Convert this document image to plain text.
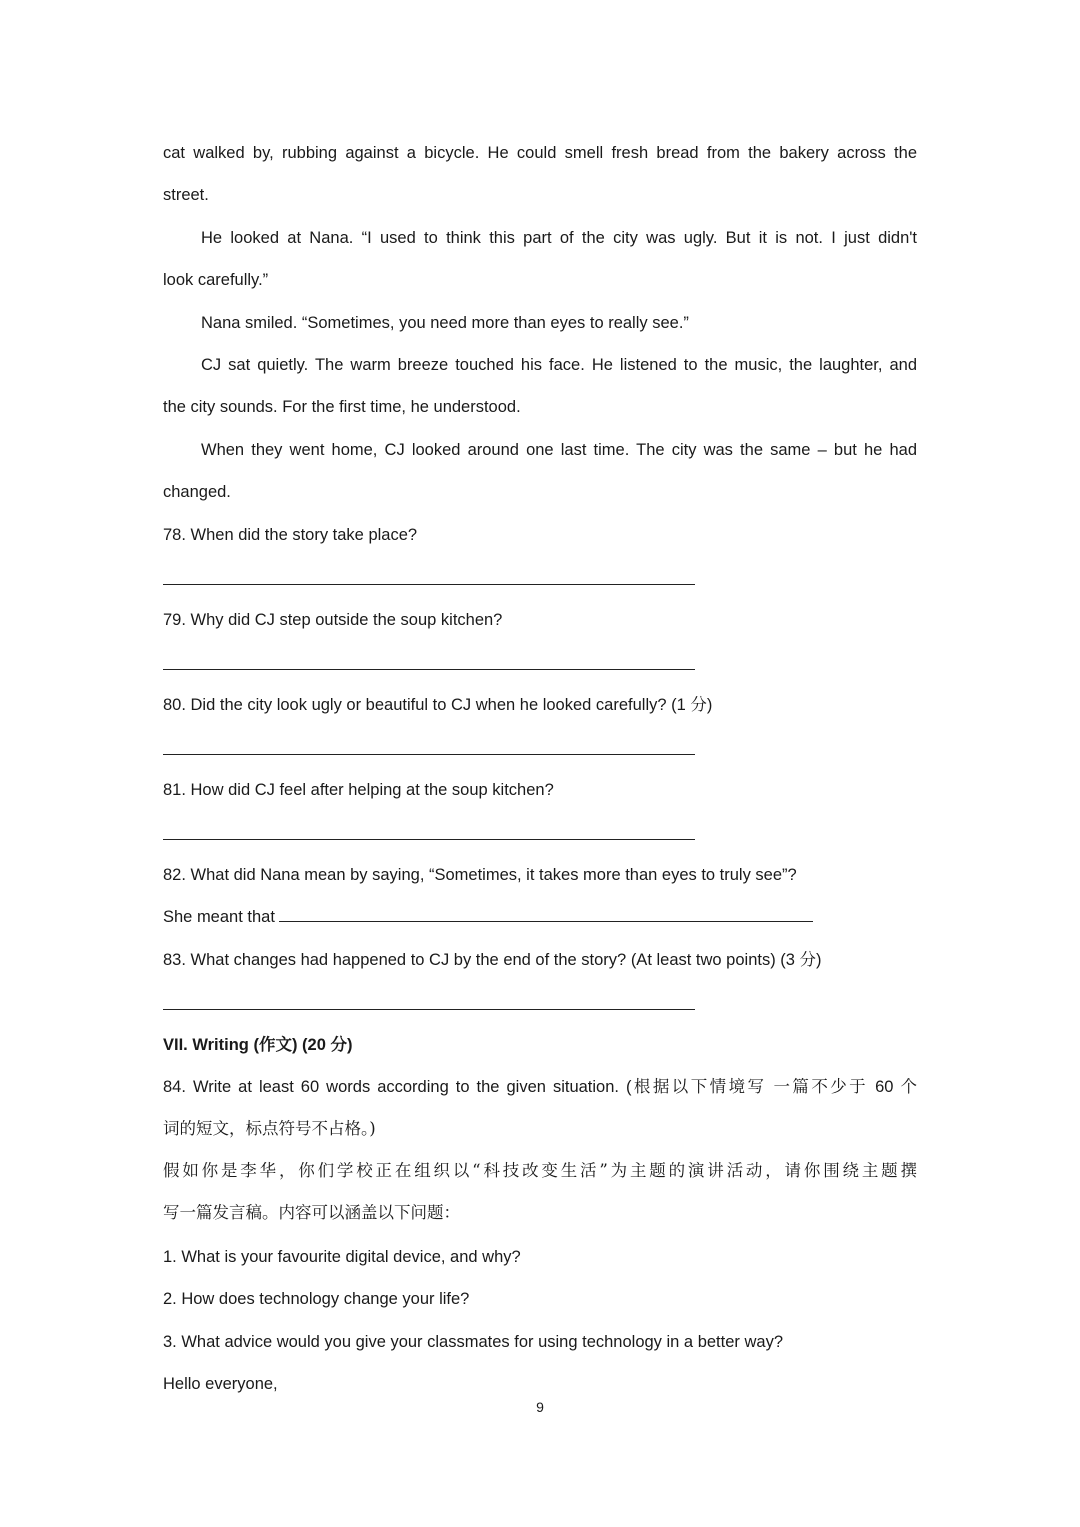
cat walked by, rubbing against a bicycle. He could smell fresh bread from the bakery across the
street.
He looked at Nana. “I used to think this part of the city was ugly. But it is not. I just didn't
look carefully.”
Nana smiled. “Sometimes, you need more than eyes to really see.”
CJ sat quietly. The warm breeze touched his face. He listened to the music, the laughter, and
the city sounds. For the first time, he understood.
When they went home, CJ looked around one last time. The city was the same – but he had
changed.
78. When did the story take place?
79. Why did CJ step outside the soup kitchen?
80. Did the city look ugly or beautiful to CJ when he looked carefully? (1 分)
81. How did CJ feel after helping at the soup kitchen?
82. What did Nana mean by saying, “Sometimes, it takes more than eyes to truly see”?
She meant that
83. What changes had happened to CJ by the end of the story? (At least two points) (3 分)
VII. Writing (作文) (20 分)
84. Write at least 60 words according to the given situation. (根据以下情境写 一篇不少于 60 个
词的短文，标点符号不占格。)
假如你是李华，你们学校正在组织以“科技改变生活”为主题的演讲活动，请你围绕主题撰
写一篇发言稿。内容可以涵盖以下问题：
1. What is your favourite digital device, and why?
2. How does technology change your life?
3. What advice would you give your classmates for using technology in a better way?
Hello everyone,
9
